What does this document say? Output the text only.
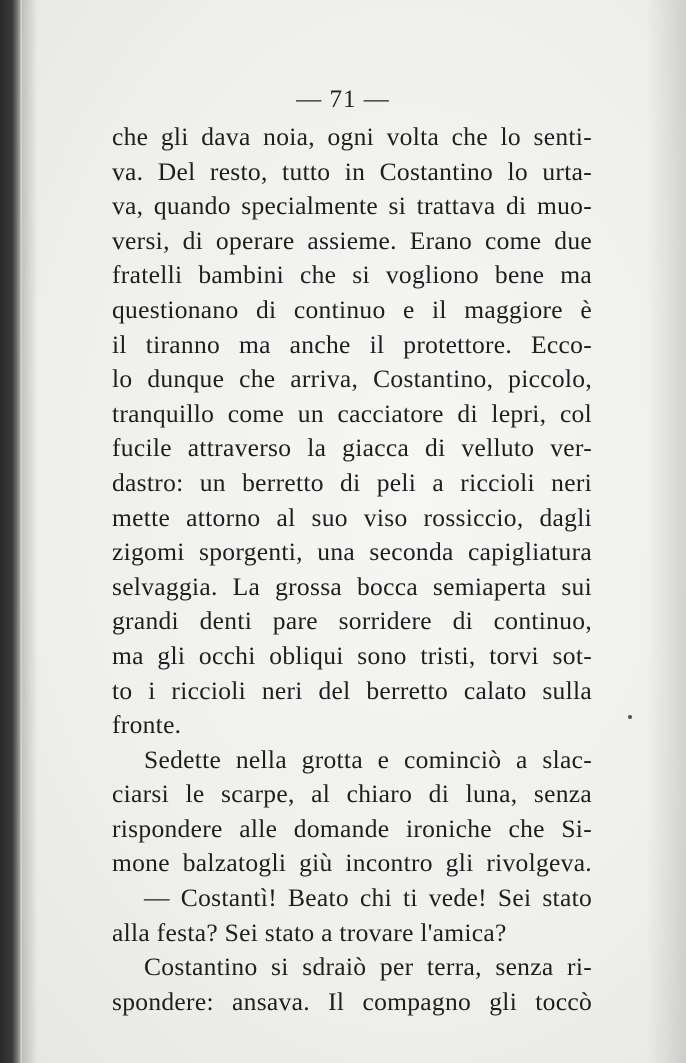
— 71 —
che gli dava noia, ogni volta che lo senti-
va. Del resto, tutto in Costantino lo urta-
va, quando specialmente si trattava di muo-
versi, di operare assieme. Erano come due
fratelli bambini che si vogliono bene ma
questionano di continuo e il maggiore è
il tiranno ma anche il protettore. Ecco-
lo dunque che arriva, Costantino, piccolo,
tranquillo come un cacciatore di lepri, col
fucile attraverso la giacca di velluto ver-
dastro: un berretto di peli a riccioli neri
mette attorno al suo viso rossiccio, dagli
zigomi sporgenti, una seconda capigliatura
selvaggia. La grossa bocca semiaperta sui
grandi denti pare sorridere di continuo,
ma gli occhi obliqui sono tristi, torvi sot-
to i riccioli neri del berretto calato sulla
fronte.
Sedette nella grotta e cominciò a slac-
ciarsi le scarpe, al chiaro di luna, senza
rispondere alle domande ironiche che Si-
mone balzatogli giù incontro gli rivolgeva.
— Costantì! Beato chi ti vede! Sei stato
alla festa? Sei stato a trovare l'amica?
Costantino si sdraiò per terra, senza ri-
spondere: ansava. Il compagno gli toccò
